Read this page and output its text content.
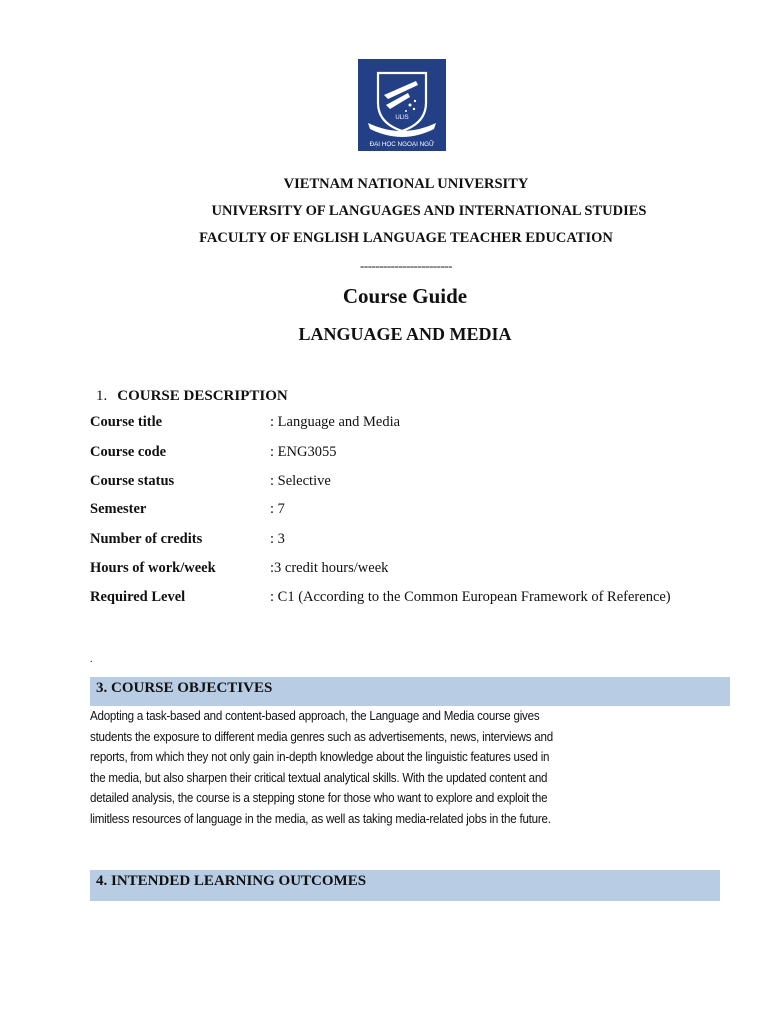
ULIS
ĐẠI HỌC NGOẠI NGỮ
VIETNAM NATIONAL UNIVERSITY
UNIVERSITY OF LANGUAGES AND INTERNATIONAL STUDIES
FACULTY OF ENGLISH LANGUAGE TEACHER EDUCATION
------------------------
Course Guide
LANGUAGE AND MEDIA
1. COURSE DESCRIPTION
Course title	: Language and Media
Course code	: ENG3055
Course status	: Selective
Semester	: 7
Number of credits	: 3
Hours of work/week	:3 credit hours/week
Required Level	: C1 (According to the Common European Framework of Reference)
.
3. COURSE OBJECTIVES
Adopting a task-based and content-based approach, the Language and Media course gives
students the exposure to different media genres such as advertisements, news, interviews and
reports, from which they not only gain in-depth knowledge about the linguistic features used in
the media, but also sharpen their critical textual analytical skills. With the updated content and
detailed analysis, the course is a stepping stone for those who want to explore and exploit the
limitless resources of language in the media, as well as taking media-related jobs in the future.
4. INTENDED LEARNING OUTCOMES
